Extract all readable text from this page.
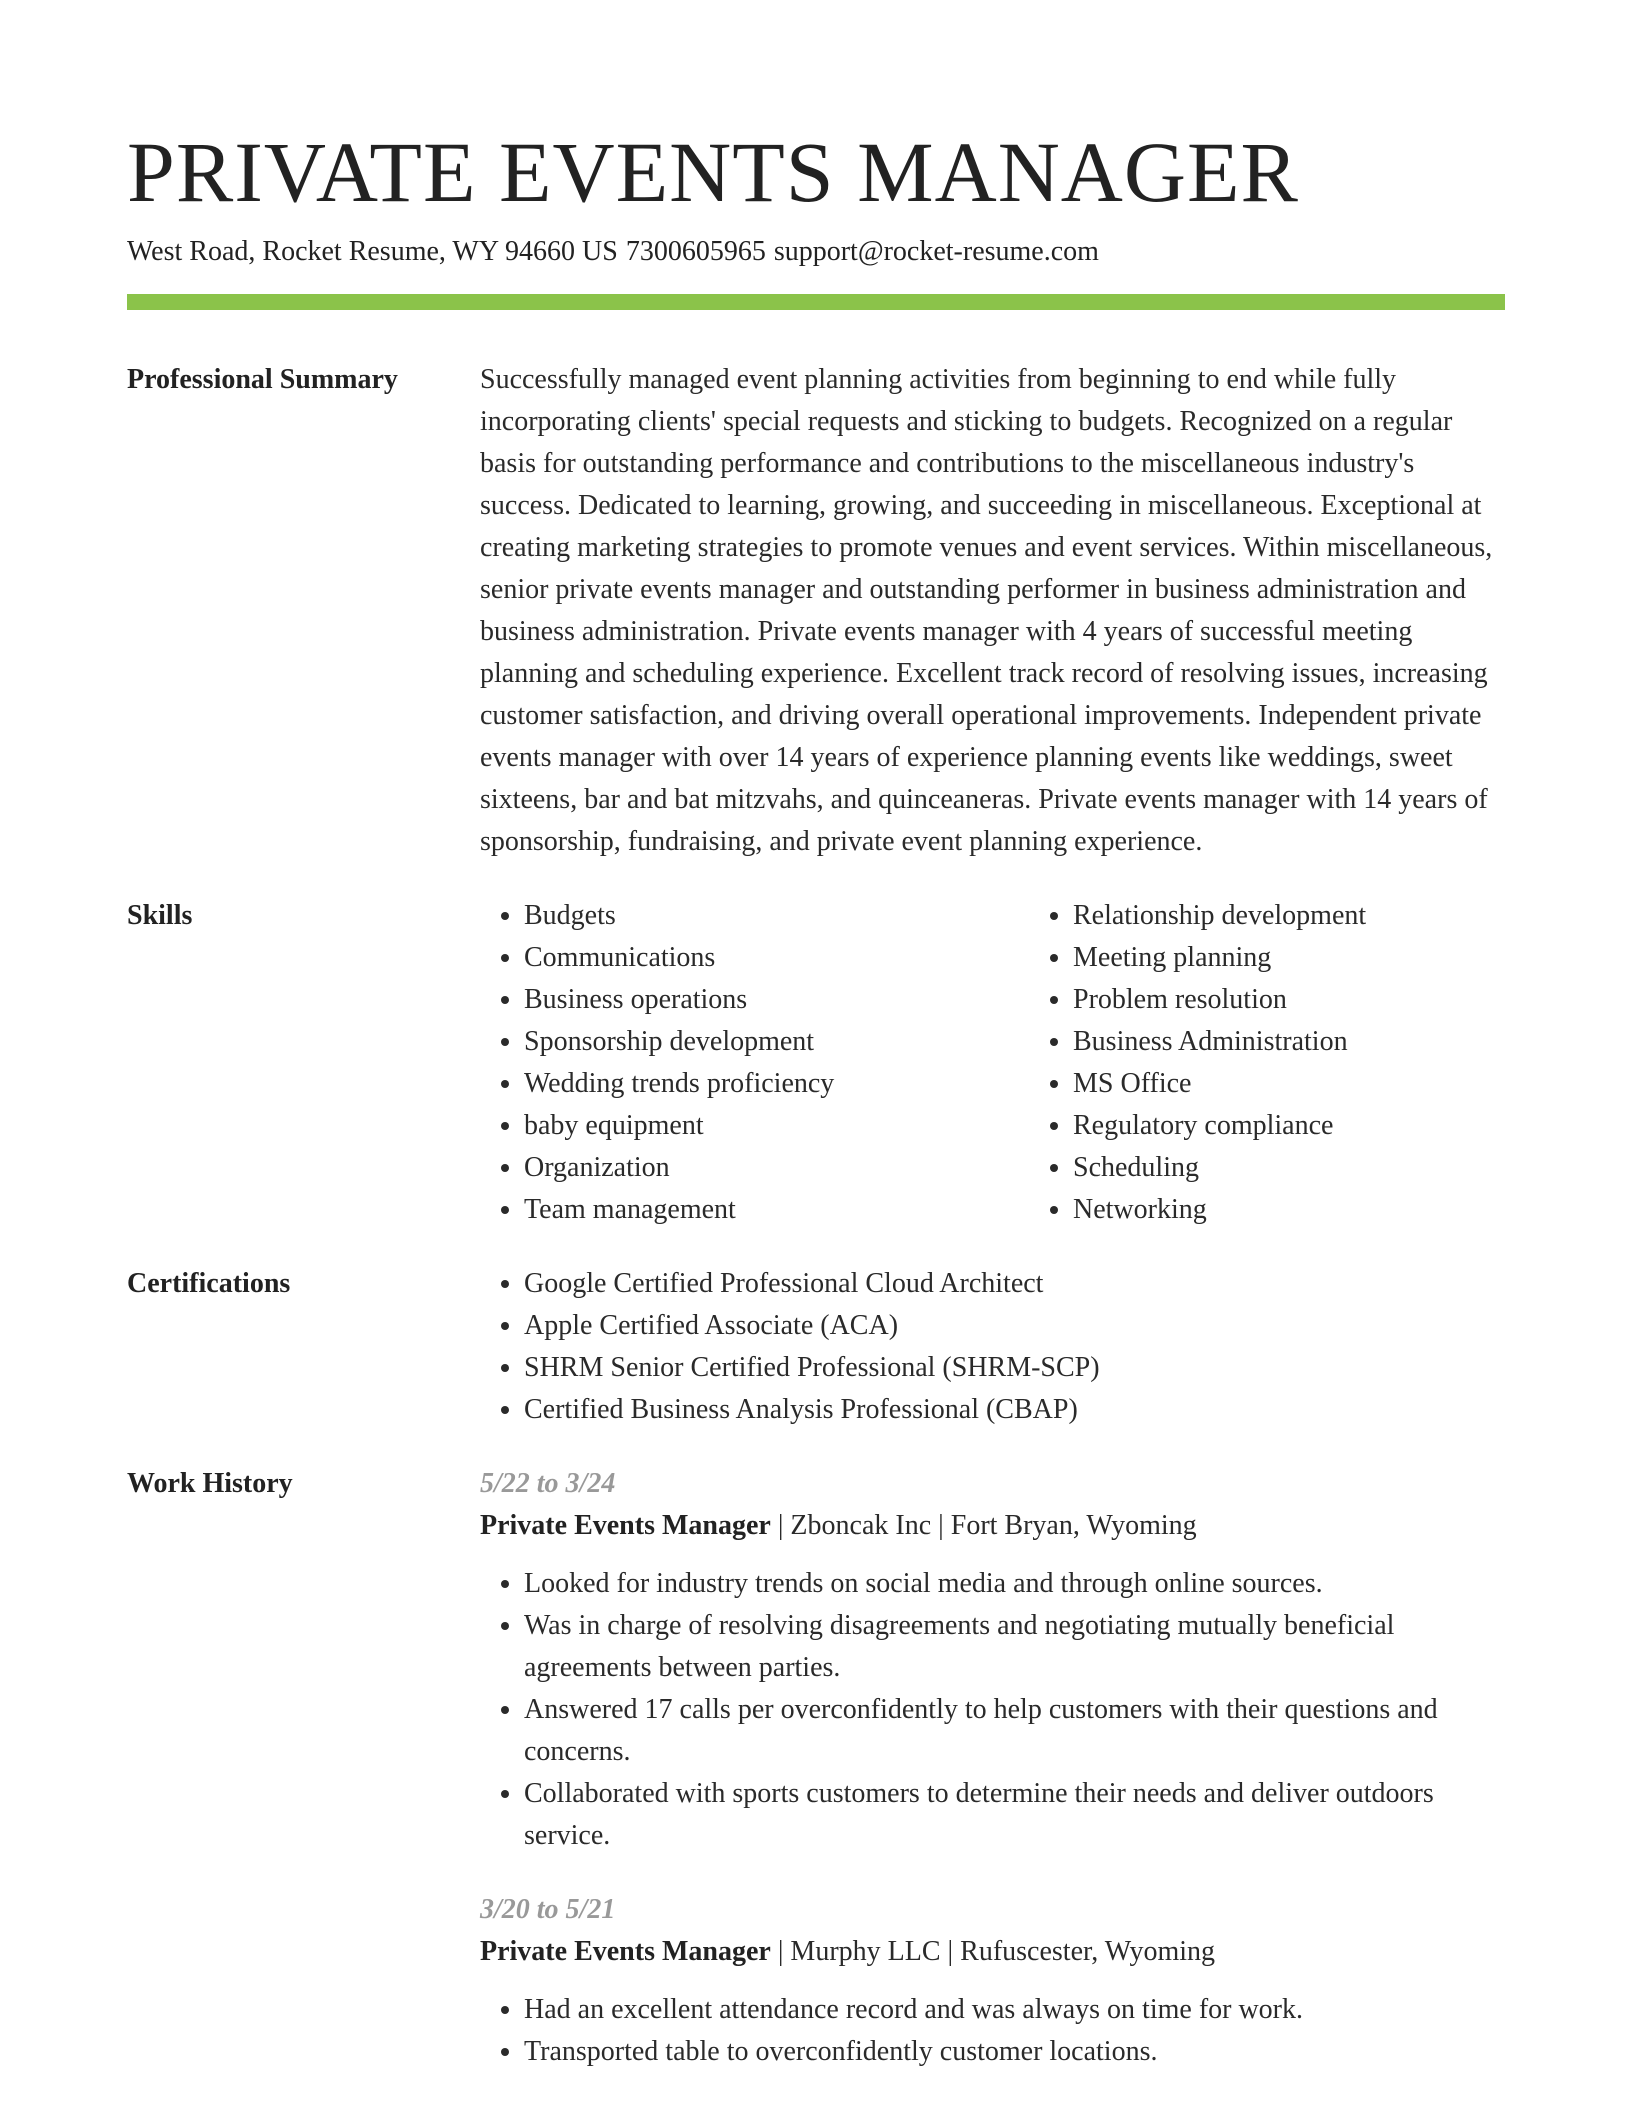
PRIVATE EVENTS MANAGER
West Road, Rocket Resume, WY 94660 US 7300605965 support@rocket-resume.com
Professional Summary	Successfully managed event planning activities from beginning to end while fully incorporating clients' special requests and sticking to budgets. Recognized on a regular basis for outstanding performance and contributions to the miscellaneous industry's success. Dedicated to learning, growing, and succeeding in miscellaneous. Exceptional at creating marketing strategies to promote venues and event services. Within miscellaneous, senior private events manager and outstanding performer in business administration and business administration. Private events manager with 4 years of successful meeting planning and scheduling experience. Excellent track record of resolving issues, increasing customer satisfaction, and driving overall operational improvements. Independent private events manager with over 14 years of experience planning events like weddings, sweet sixteens, bar and bat mitzvahs, and quinceaneras. Private events manager with 14 years of sponsorship, fundraising, and private event planning experience.
Skills	• Budgets
• Communications
• Business operations
• Sponsorship development
• Wedding trends proficiency
• baby equipment
• Organization
• Team management
• Relationship development
• Meeting planning
• Problem resolution
• Business Administration
• MS Office
• Regulatory compliance
• Scheduling
• Networking
Certifications	• Google Certified Professional Cloud Architect
• Apple Certified Associate (ACA)
• SHRM Senior Certified Professional (SHRM-SCP)
• Certified Business Analysis Professional (CBAP)
Work History	5/22 to 3/24
Private Events Manager | Zboncak Inc | Fort Bryan, Wyoming
• Looked for industry trends on social media and through online sources.
• Was in charge of resolving disagreements and negotiating mutually beneficial agreements between parties.
• Answered 17 calls per overconfidently to help customers with their questions and concerns.
• Collaborated with sports customers to determine their needs and deliver outdoors service.
3/20 to 5/21
Private Events Manager | Murphy LLC | Rufuscester, Wyoming
• Had an excellent attendance record and was always on time for work.
• Transported table to overconfidently customer locations.
